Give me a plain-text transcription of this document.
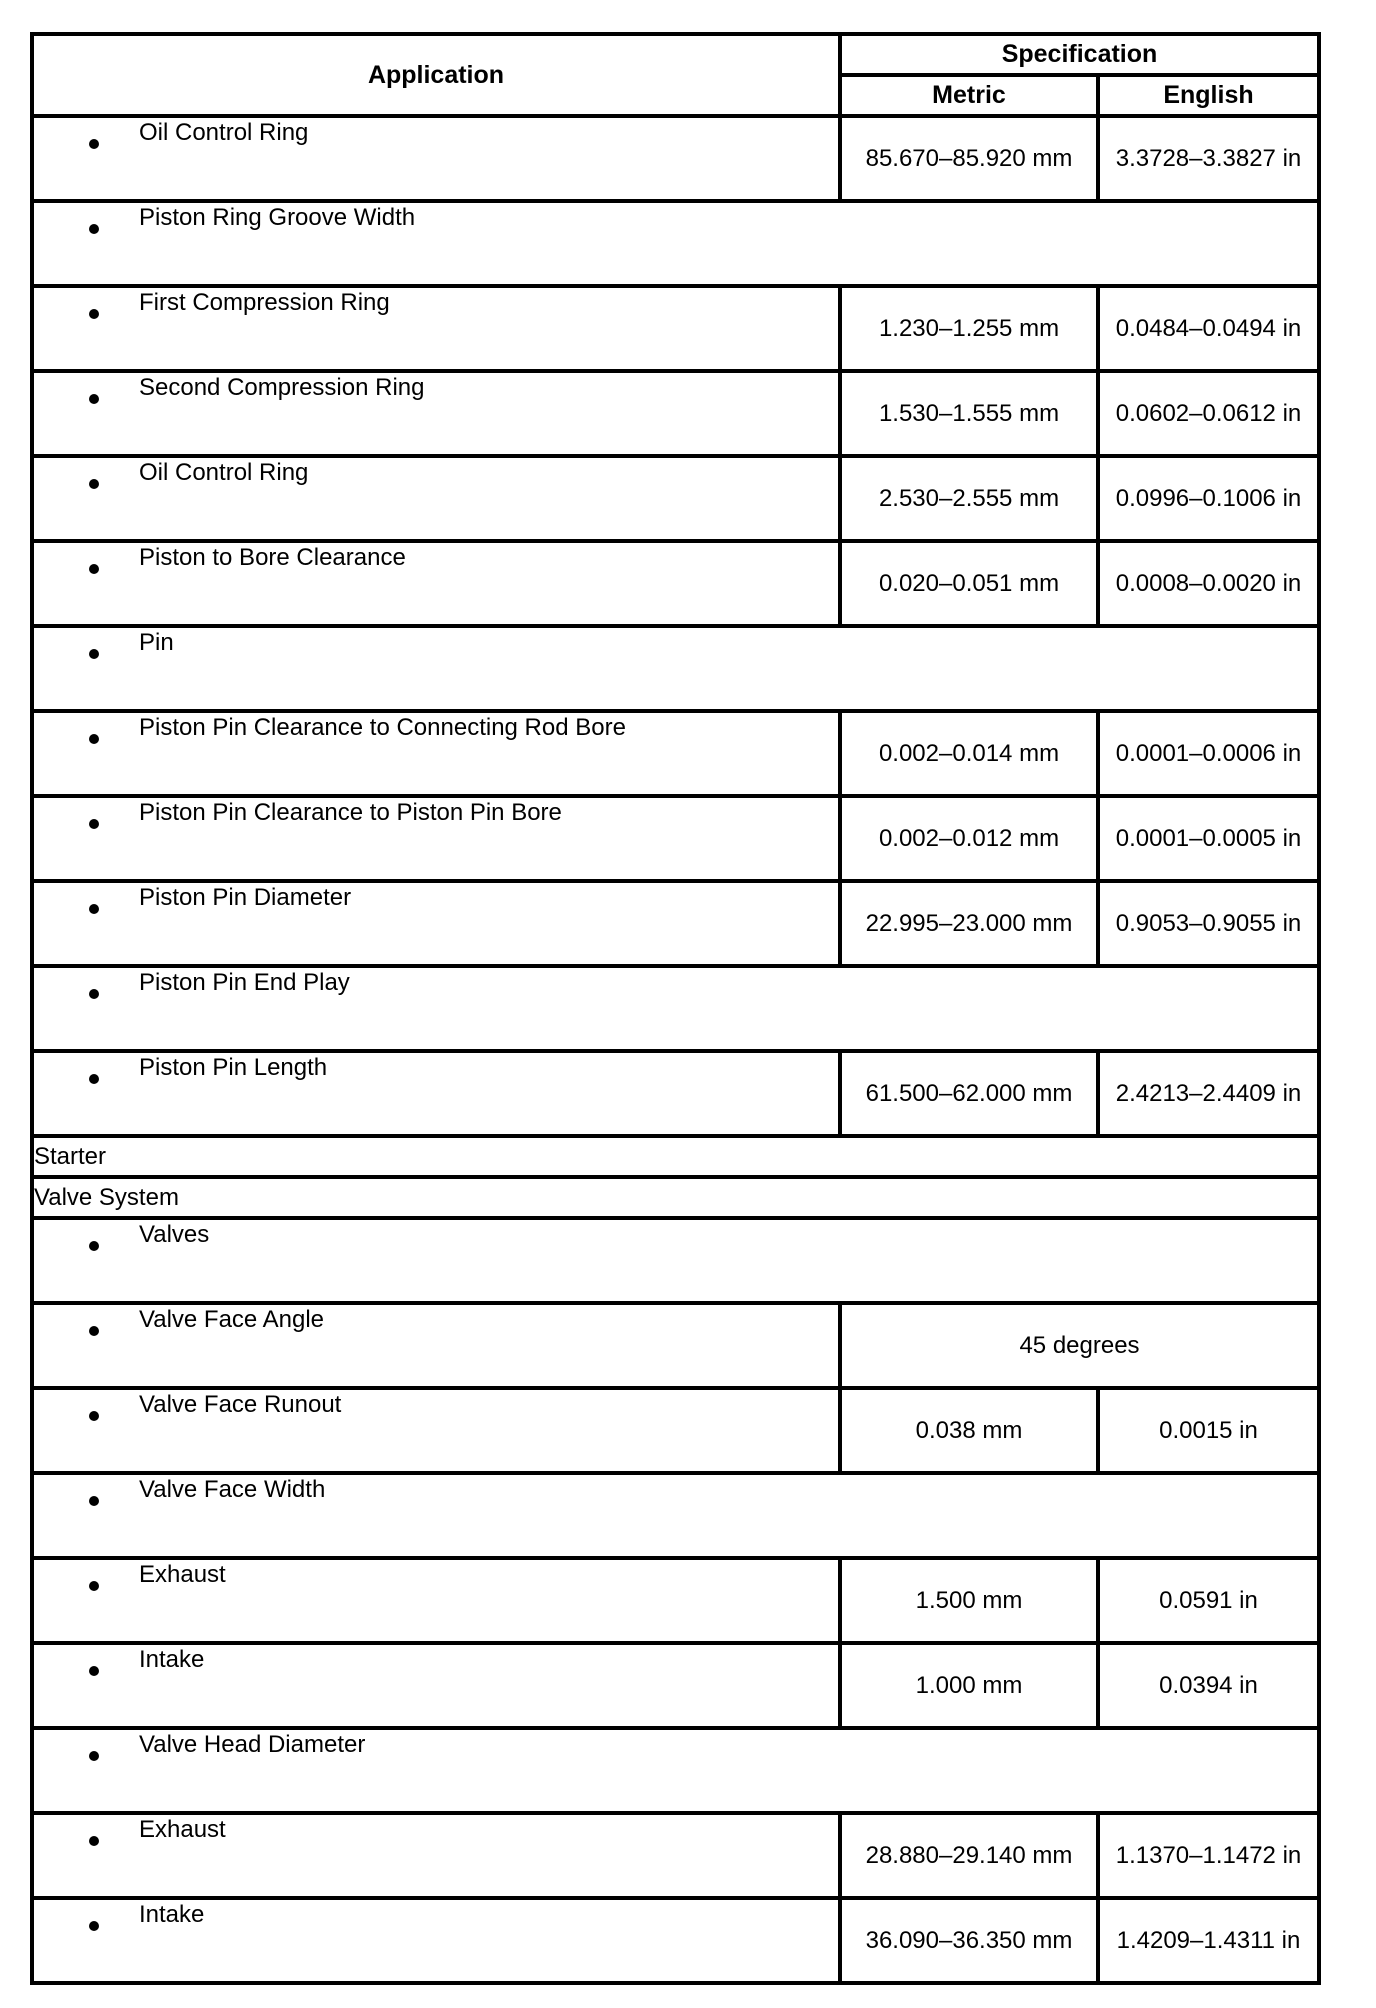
Application	Specification	
	Metric	English

Oil Control Ring	85.670–85.920 mm	3.3728–3.3827 in

Piston Ring Groove Width		

First Compression Ring	1.230–1.255 mm	0.0484–0.0494 in

Second Compression Ring	1.530–1.555 mm	0.0602–0.0612 in

Oil Control Ring	2.530–2.555 mm	0.0996–0.1006 in

Piston to Bore Clearance	0.020–0.051 mm	0.0008–0.0020 in

Pin		

Piston Pin Clearance to Connecting Rod Bore	0.002–0.014 mm	0.0001–0.0006 in

Piston Pin Clearance to Piston Pin Bore	0.002–0.012 mm	0.0001–0.0005 in

Piston Pin Diameter	22.995–23.000 mm	0.9053–0.9055 in

Piston Pin End Play		

Piston Pin Length	61.500–62.000 mm	2.4213–2.4409 in
Starter		
Valve System		

Valves		

Valve Face Angle	45 degrees	

Valve Face Runout	0.038 mm	0.0015 in

Valve Face Width		

Exhaust	1.500 mm	0.0591 in

Intake	1.000 mm	0.0394 in

Valve Head Diameter		

Exhaust	28.880–29.140 mm	1.1370–1.1472 in

Intake	36.090–36.350 mm	1.4209–1.4311 in
